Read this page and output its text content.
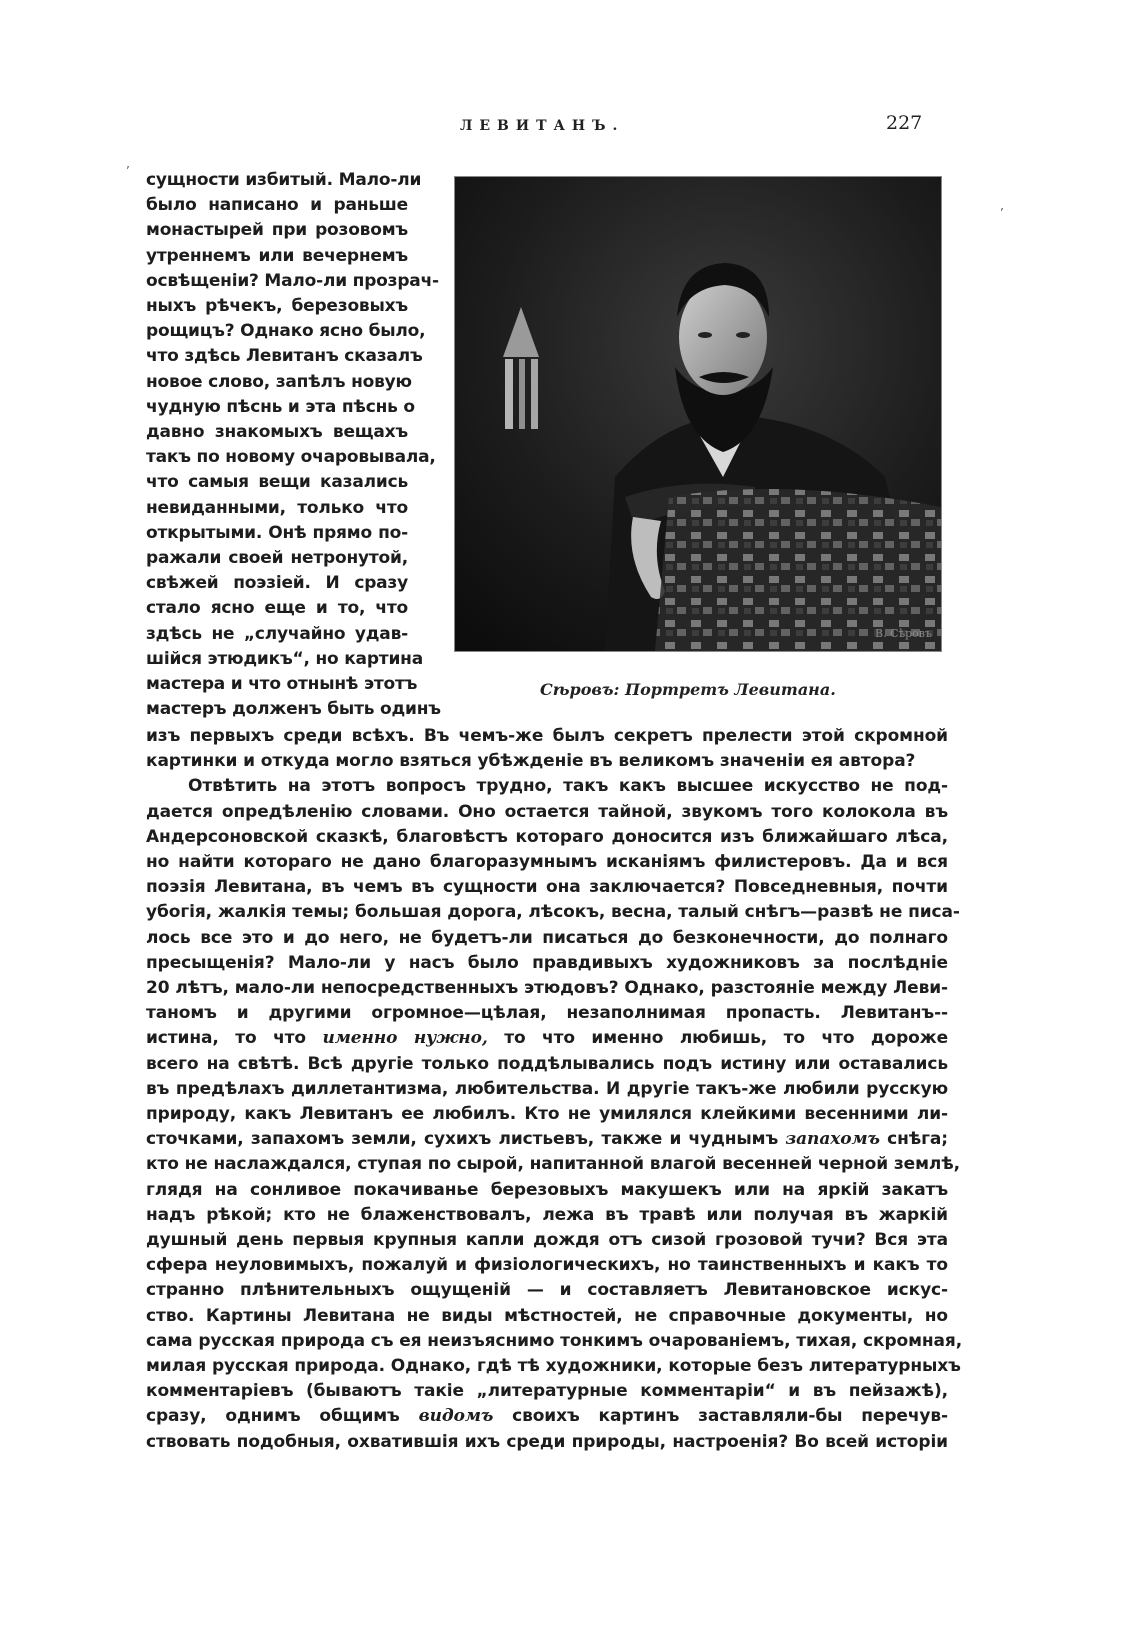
ЛЕВИТАНЪ.	227
’
’
сущности избитый. Мало-ли
было написано и раньше
монастырей при розовомъ
утреннемъ или вечернемъ
освѣщеніи? Мало-ли прозрач-
ныхъ рѣчекъ, березовыхъ
рощицъ? Однако ясно было,
что здѣсь Левитанъ сказалъ
новое слово, запѣлъ новую
чудную пѣснь и эта пѣснь о
давно знакомыхъ вещахъ
такъ по новому очаровывала,
что самыя вещи казались
невиданными, только что
открытыми. Онѣ прямо по-
ражали своей нетронутой,
свѣжей поэзіей. И сразу
стало ясно еще и то, что
здѣсь не „случайно удав-
шійся этюдикъ“, но картина
мастера и что отнынѣ этотъ
мастеръ долженъ быть одинъ
В. Сѣровъ
Сѣровъ: Портретъ Левитана.
изъ первыхъ среди всѣхъ. Въ чемъ-же былъ секретъ прелести этой скромной
картинки и откуда могло взяться убѣжденіе въ великомъ значеніи ея автора?
Отвѣтить на этотъ вопросъ трудно, такъ какъ высшее искусство не под-
дается опредѣленію словами. Оно остается тайной, звукомъ того колокола въ
Андерсоновской сказкѣ, благовѣстъ котораго доносится изъ ближайшаго лѣса,
но найти котораго не дано благоразумнымъ исканіямъ филистеровъ. Да и вся
поэзія Левитана, въ чемъ въ сущности она заключается? Повседневныя, почти
убогія, жалкія темы; большая дорога, лѣсокъ, весна, талый снѣгъ—развѣ не писа-
лось все это и до него, не будетъ-ли писаться до безконечности, до полнаго
пресыщенія? Мало-ли у насъ было правдивыхъ художниковъ за послѣдніе
20 лѣтъ, мало-ли непосредственныхъ этюдовъ? Однако, разстояніе между Леви-
таномъ и другими огромное—цѣлая, незаполнимая пропасть. Левитанъ--
истина, то что именно нужно, то что именно любишь, то что дороже
всего на свѣтѣ. Всѣ другіе только поддѣлывались подъ истину или оставались
въ предѣлахъ диллетантизма, любительства. И другіе такъ-же любили русскую
природу, какъ Левитанъ ее любилъ. Кто не умилялся клейкими весенними ли-
сточками, запахомъ земли, сухихъ листьевъ, также и чуднымъ запахомъ снѣга;
кто не наслаждался, ступая по сырой, напитанной влагой весенней черной землѣ,
глядя на сонливое покачиванье березовыхъ макушекъ или на яркій закатъ
надъ рѣкой; кто не блаженствовалъ, лежа въ травѣ или получая въ жаркій
душный день первыя крупныя капли дождя отъ сизой грозовой тучи? Вся эта
сфера неуловимыхъ, пожалуй и физіологическихъ, но таинственныхъ и какъ то
странно плѣнительныхъ ощущеній — и составляетъ Левитановское искус-
ство. Картины Левитана не виды мѣстностей, не справочные документы, но
сама русская природа съ ея неизъяснимо тонкимъ очарованіемъ, тихая, скромная,
милая русская природа. Однако, гдѣ тѣ художники, которые безъ литературныхъ
комментаріевъ (бываютъ такіе „литературные комментаріи“ и въ пейзажѣ),
сразу, однимъ общимъ видомъ своихъ картинъ заставляли-бы перечув-
ствовать подобныя, охватившія ихъ среди природы, настроенія? Во всей исторіи
